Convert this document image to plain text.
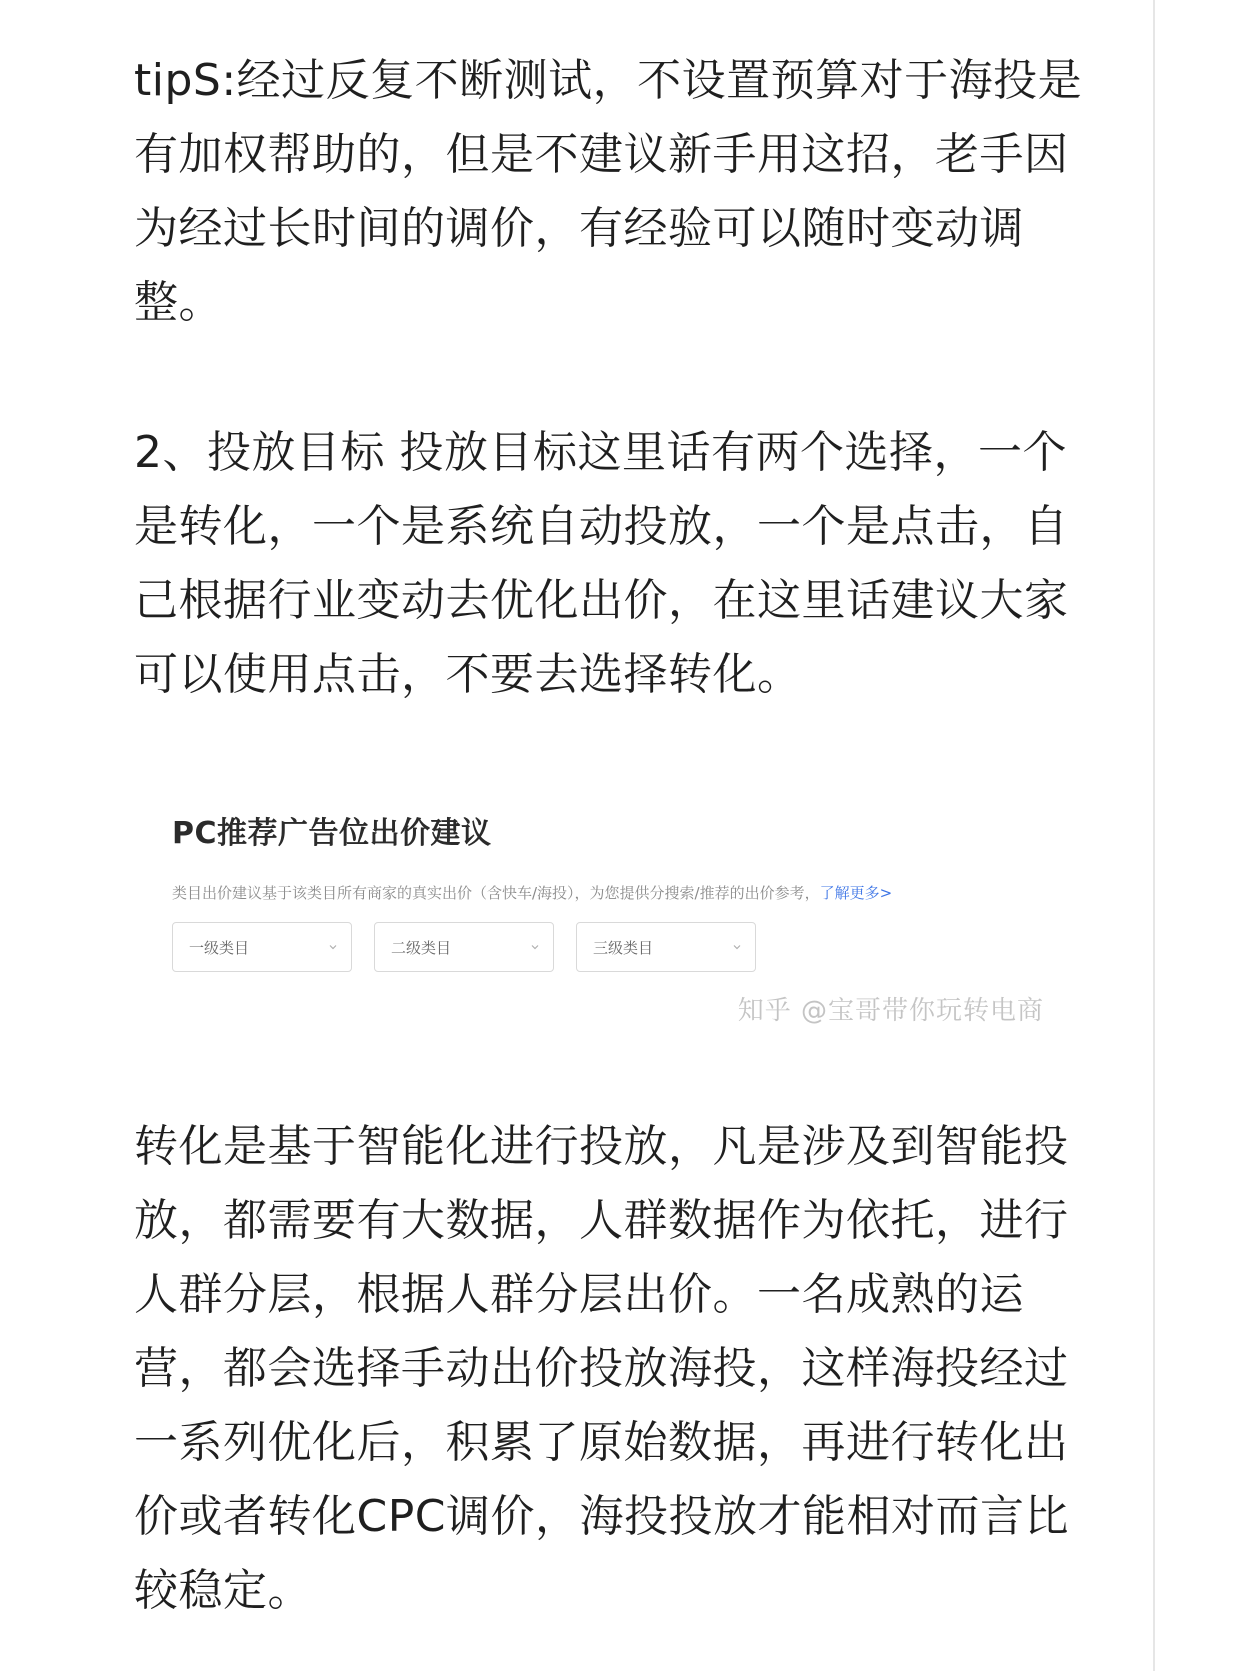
tipS:经过反复不断测试，不设置预算对于海投是有加权帮助的，但是不建议新手用这招，老手因为经过长时间的调价，有经验可以随时变动调整。

2、投放目标 投放目标这里话有两个选择，一个是转化，一个是系统自动投放，一个是点击，自己根据行业变动去优化出价，在这里话建议大家可以使用点击，不要去选择转化。

PC推荐广告位出价建议
类目出价建议基于该类目所有商家的真实出价（含快车/海投），为您提供分搜索/推荐的出价参考，了解更多>
一级类目	二级类目	三级类目
知乎 @宝哥带你玩转电商

转化是基于智能化进行投放，凡是涉及到智能投放，都需要有大数据，人群数据作为依托，进行人群分层，根据人群分层出价。一名成熟的运营，都会选择手动出价投放海投，这样海投经过一系列优化后，积累了原始数据，再进行转化出价或者转化CPC调价，海投投放才能相对而言比较稳定。
